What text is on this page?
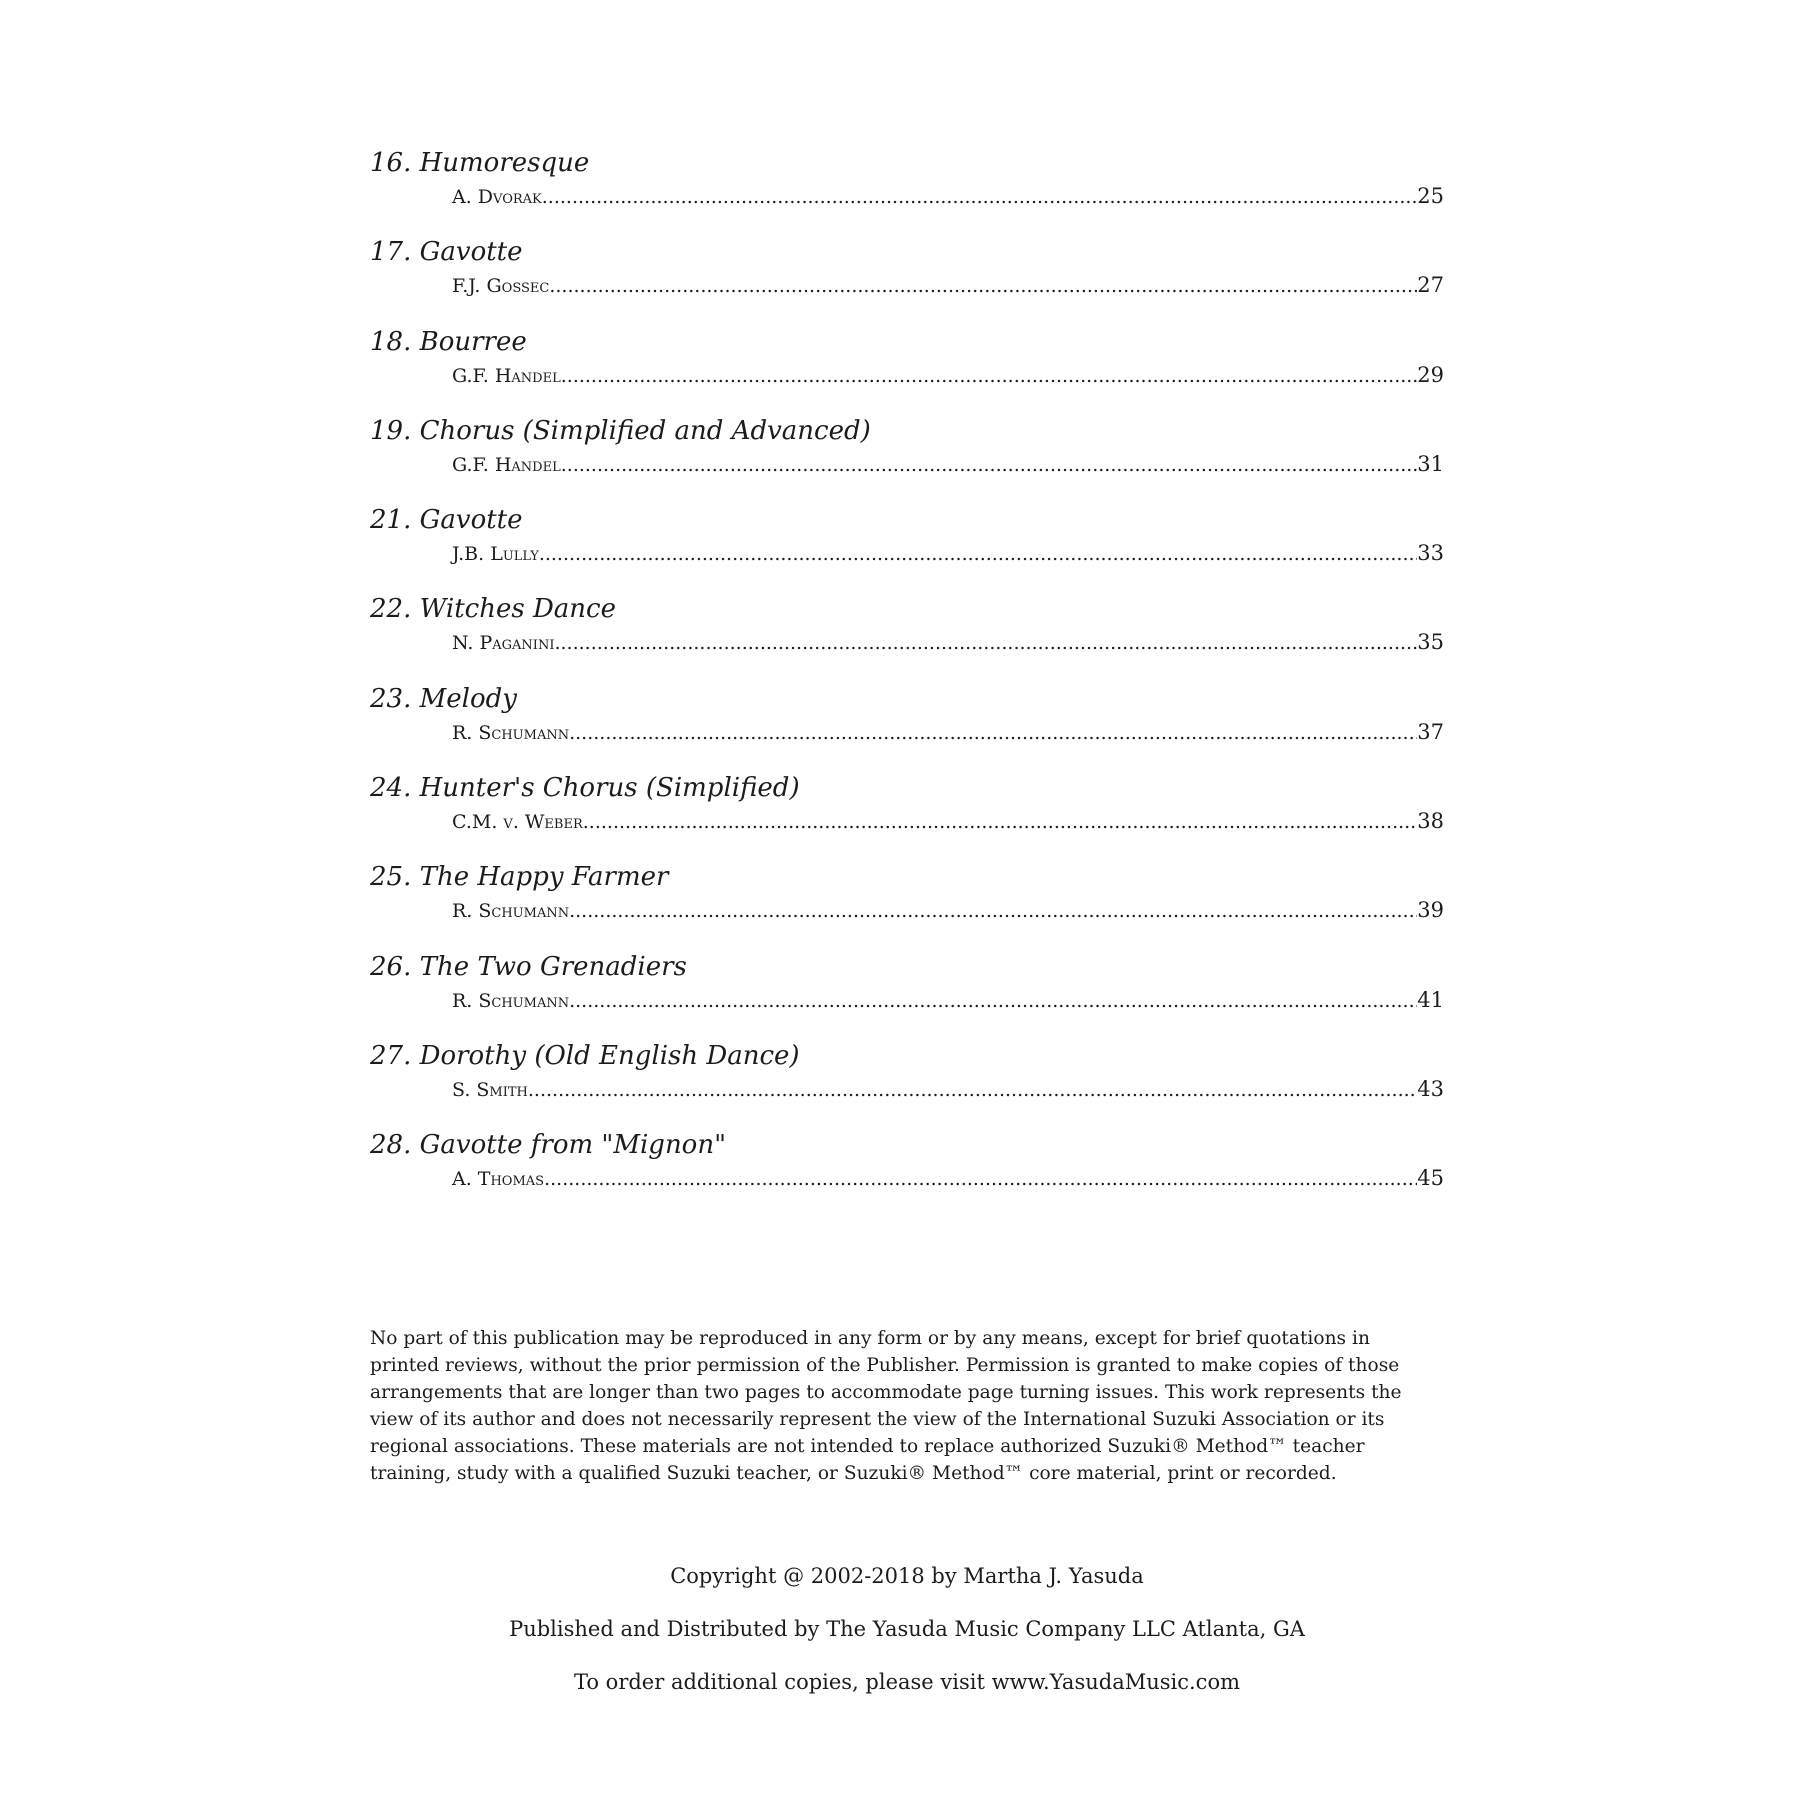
16. Humoresque
A. Dvorak .....	25
17. Gavotte
F.J. Gossec .....	27
18. Bourree
G.F. Handel .....	29
19. Chorus (Simplified and Advanced)
G.F. Handel .....	31
21. Gavotte
J.B. Lully .....	33
22. Witches Dance
N. Paganini .....	35
23. Melody
R. Schumann .....	37
24. Hunter's Chorus (Simplified)
C.M. v. Weber .....	38
25. The Happy Farmer
R. Schumann .....	39
26. The Two Grenadiers
R. Schumann .....	41
27. Dorothy (Old English Dance)
S. Smith .....	43
28. Gavotte from "Mignon"
A. Thomas .....	45

No part of this publication may be reproduced in any form or by any means, except for brief quotations in printed reviews, without the prior permission of the Publisher. Permission is granted to make copies of those arrangements that are longer than two pages to accommodate page turning issues. This work represents the view of its author and does not necessarily represent the view of the International Suzuki Association or its regional associations. These materials are not intended to replace authorized Suzuki® Method™ teacher training, study with a qualified Suzuki teacher, or Suzuki® Method™ core material, print or recorded.

Copyright @ 2002-2018 by Martha J. Yasuda

Published and Distributed by The Yasuda Music Company LLC Atlanta, GA

To order additional copies, please visit www.YasudaMusic.com
